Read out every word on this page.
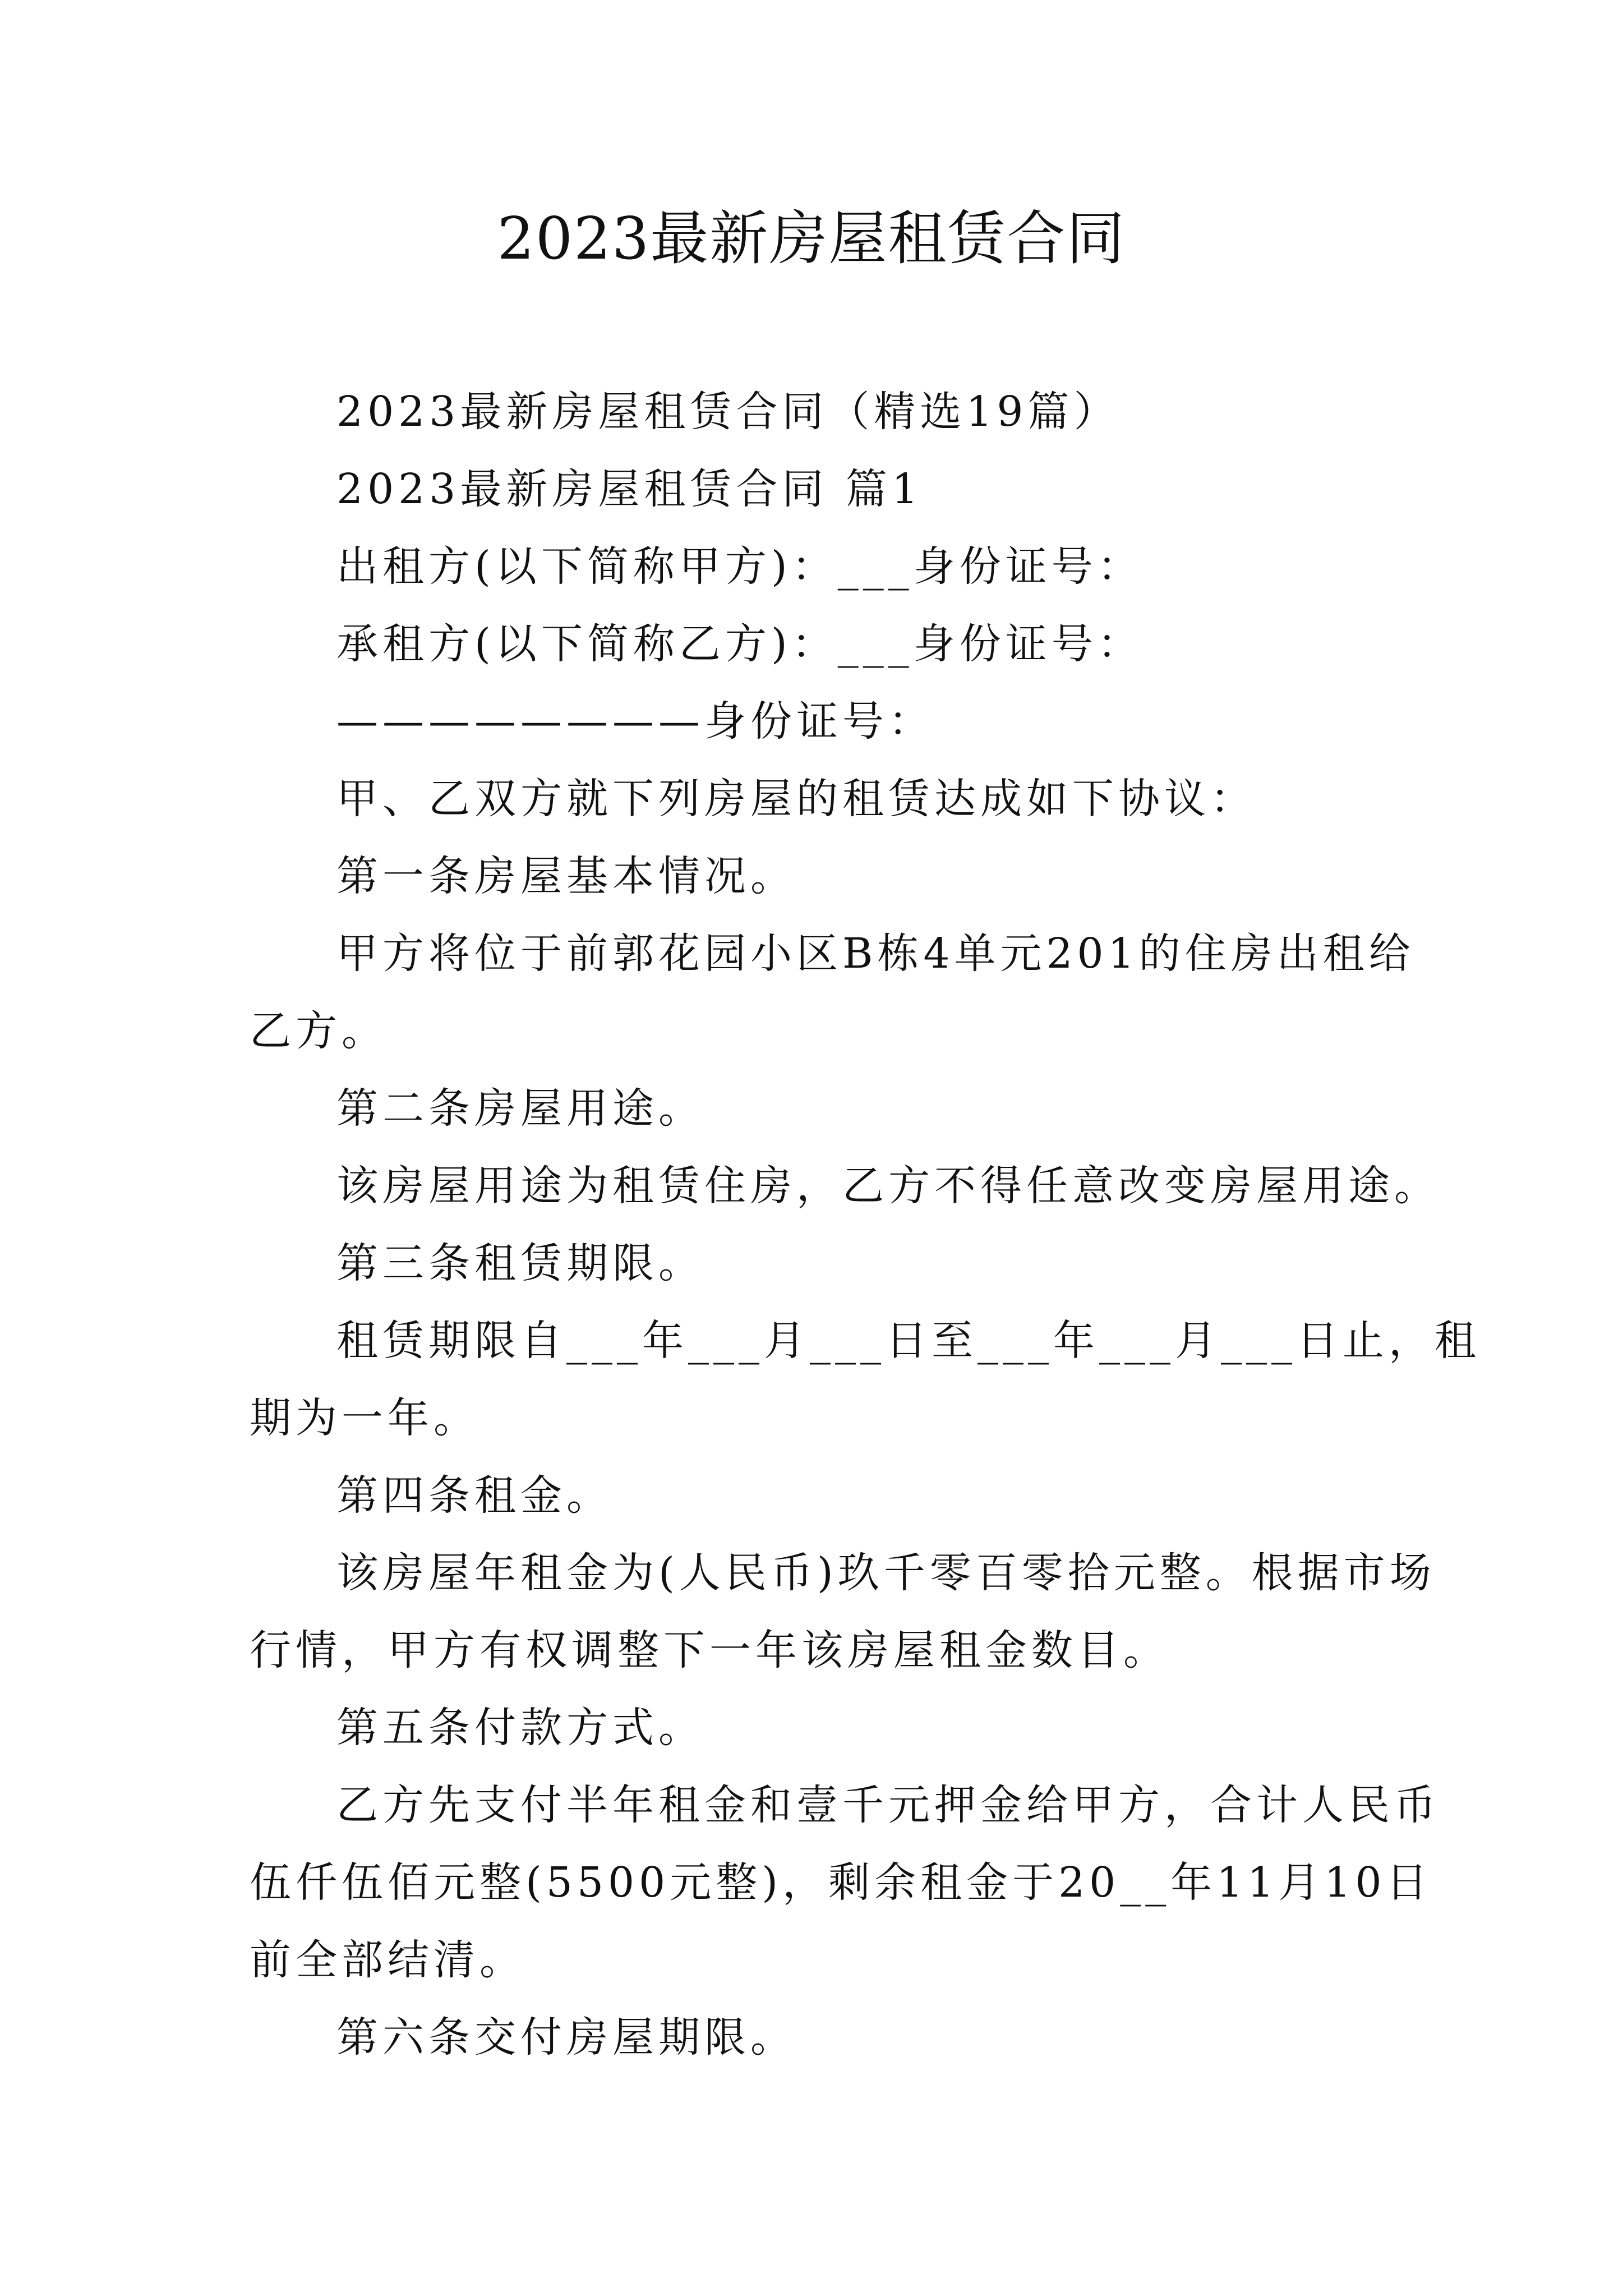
2023最新房屋租赁合同
2023最新房屋租赁合同（精选19篇）
2023最新房屋租赁合同 篇1
出租方(以下简称甲方)：___身份证号：
承租方(以下简称乙方)：___身份证号：
————————身份证号：
甲、乙双方就下列房屋的租赁达成如下协议：
第一条房屋基本情况。
甲方将位于前郭花园小区B栋4单元201的住房出租给
乙方。
第二条房屋用途。
该房屋用途为租赁住房，乙方不得任意改变房屋用途。
第三条租赁期限。
租赁期限自___年___月___日至___年___月___日止，租
期为一年。
第四条租金。
该房屋年租金为(人民币)玖千零百零拾元整。根据市场
行情，甲方有权调整下一年该房屋租金数目。
第五条付款方式。
乙方先支付半年租金和壹千元押金给甲方，合计人民币
伍仟伍佰元整(5500元整)，剩余租金于20__年11月10日
前全部结清。
第六条交付房屋期限。
